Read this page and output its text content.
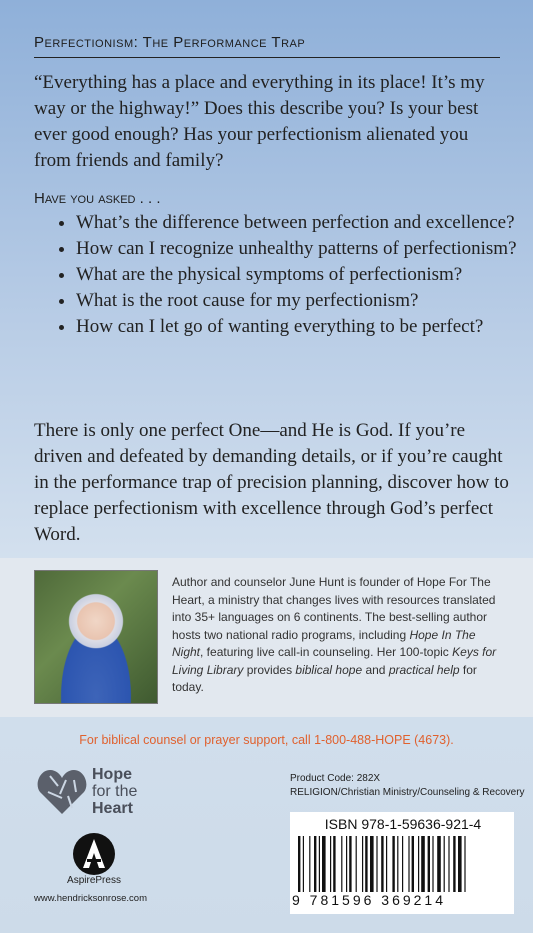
Perfectionism: The Performance Trap
“Everything has a place and everything in its place! It’s my way or the highway!” Does this describe you? Is your best ever good enough? Has your perfectionism alienated you from friends and family?
Have you asked . . .
• What’s the difference between perfection and excellence?
• How can I recognize unhealthy patterns of perfectionism?
• What are the physical symptoms of perfectionism?
• What is the root cause for my perfectionism?
• How can I let go of wanting everything to be perfect?
There is only one perfect One—and He is God. If you’re driven and defeated by demanding details, or if you’re caught in the performance trap of precision planning, discover how to replace perfectionism with excellence through God’s perfect Word.
Author and counselor June Hunt is founder of Hope For The Heart, a ministry that changes lives with resources translated into 35+ languages on 6 continents. The best-selling author hosts two national radio programs, including Hope In The Night, featuring live call-in counseling. Her 100-topic Keys for Living Library provides biblical hope and practical help for today.
For biblical counsel or prayer support, call 1-800-488-HOPE (4673).
Hope
for the
Heart
AspirePress
www.hendricksonrose.com
Product Code: 282X
RELIGION/Christian Ministry/Counseling & Recovery
ISBN 978-1-59636-921-4
9 781596 369214
